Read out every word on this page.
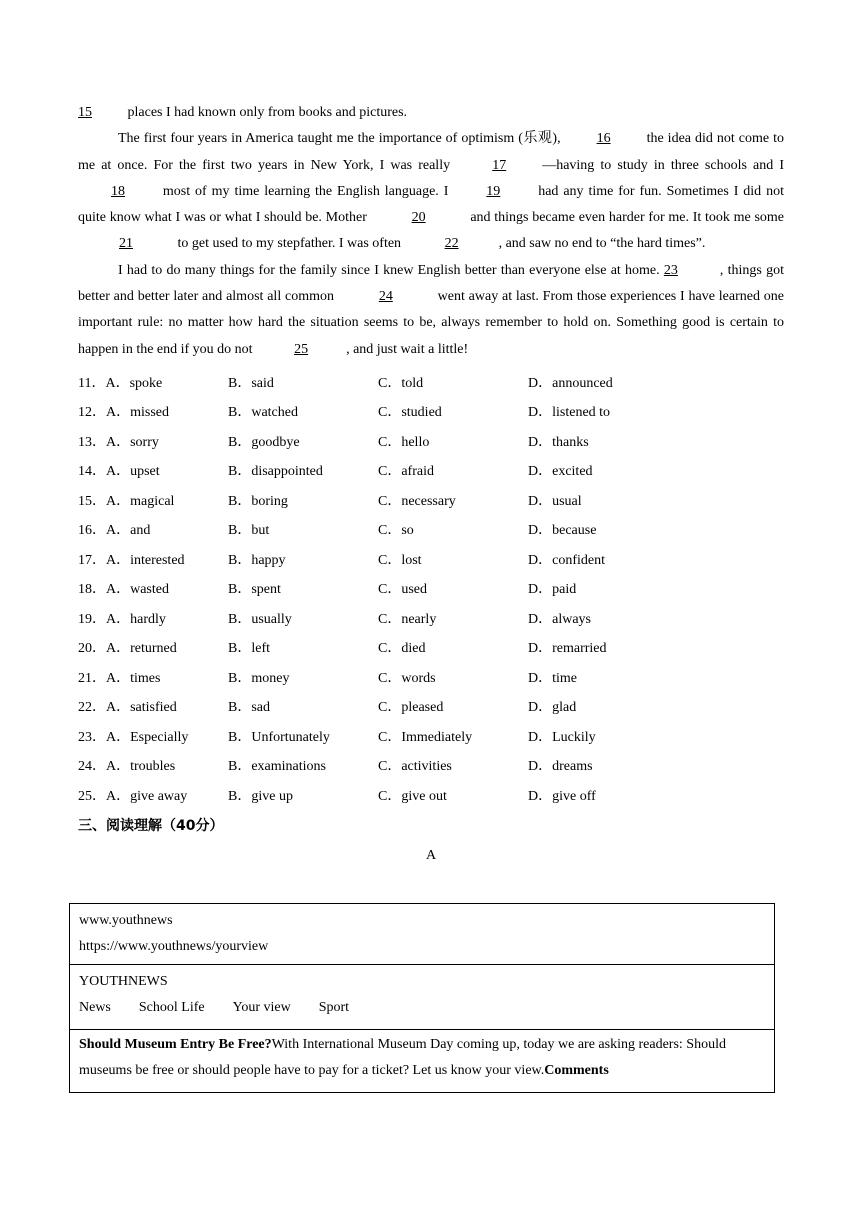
15 places I had known only from books and pictures.

The first four years in America taught me the importance of optimism (乐观), 16 the idea did not come to me at once. For the first two years in New York, I was really	17	—having to study in three schools and I 18 most of my time learning the English language. I 19 had any time for fun. Sometimes I did not quite know what I was or what I should be. Mother	20	and things became even harder for me. It took me some 21	to get used to my stepfather. I was often	22	, and saw no end to “the hard times”.

I had to do many things for the family since I knew English better than everyone else at home. 23	, things got better and better later and almost all common	24	went away at last. From those experiences I have learned one important rule: no matter how hard the situation seems to be, always remember to hold on. Something good is certain to happen in the end if you do not	25	, and just wait a little!

11．A．spoke	B．said	C．told	D．announced
12．A．missed	B．watched	C．studied	D．listened to
13．A．sorry	B．goodbye	C．hello	D．thanks
14．A．upset	B．disappointed	C．afraid	D．excited
15．A．magical	B．boring	C．necessary	D．usual
16．A．and	B．but	C．so	D．because
17．A．interested	B．happy	C．lost	D．confident
18．A．wasted	B．spent	C．used	D．paid
19．A．hardly	B．usually	C．nearly	D．always
20．A．returned	B．left	C．died	D．remarried
21．A．times	B．money	C．words	D．time
22．A．satisfied	B．sad	C．pleased	D．glad
23．A．Especially	B．Unfortunately	C．Immediately	D．Luckily
24．A．troubles	B．examinations	C．activities	D．dreams
25．A．give away	B．give up	C．give out	D．give off
三、阅读理解（40分）
A
www.youthnews
https://www.youthnews/yourview
YOUTHNEWS
News School Life Your view Sport
Should Museum Entry Be Free?With International Museum Day coming up, today we are asking readers: Should museums be free or should people have to pay for a ticket? Let us know your view.Comments
